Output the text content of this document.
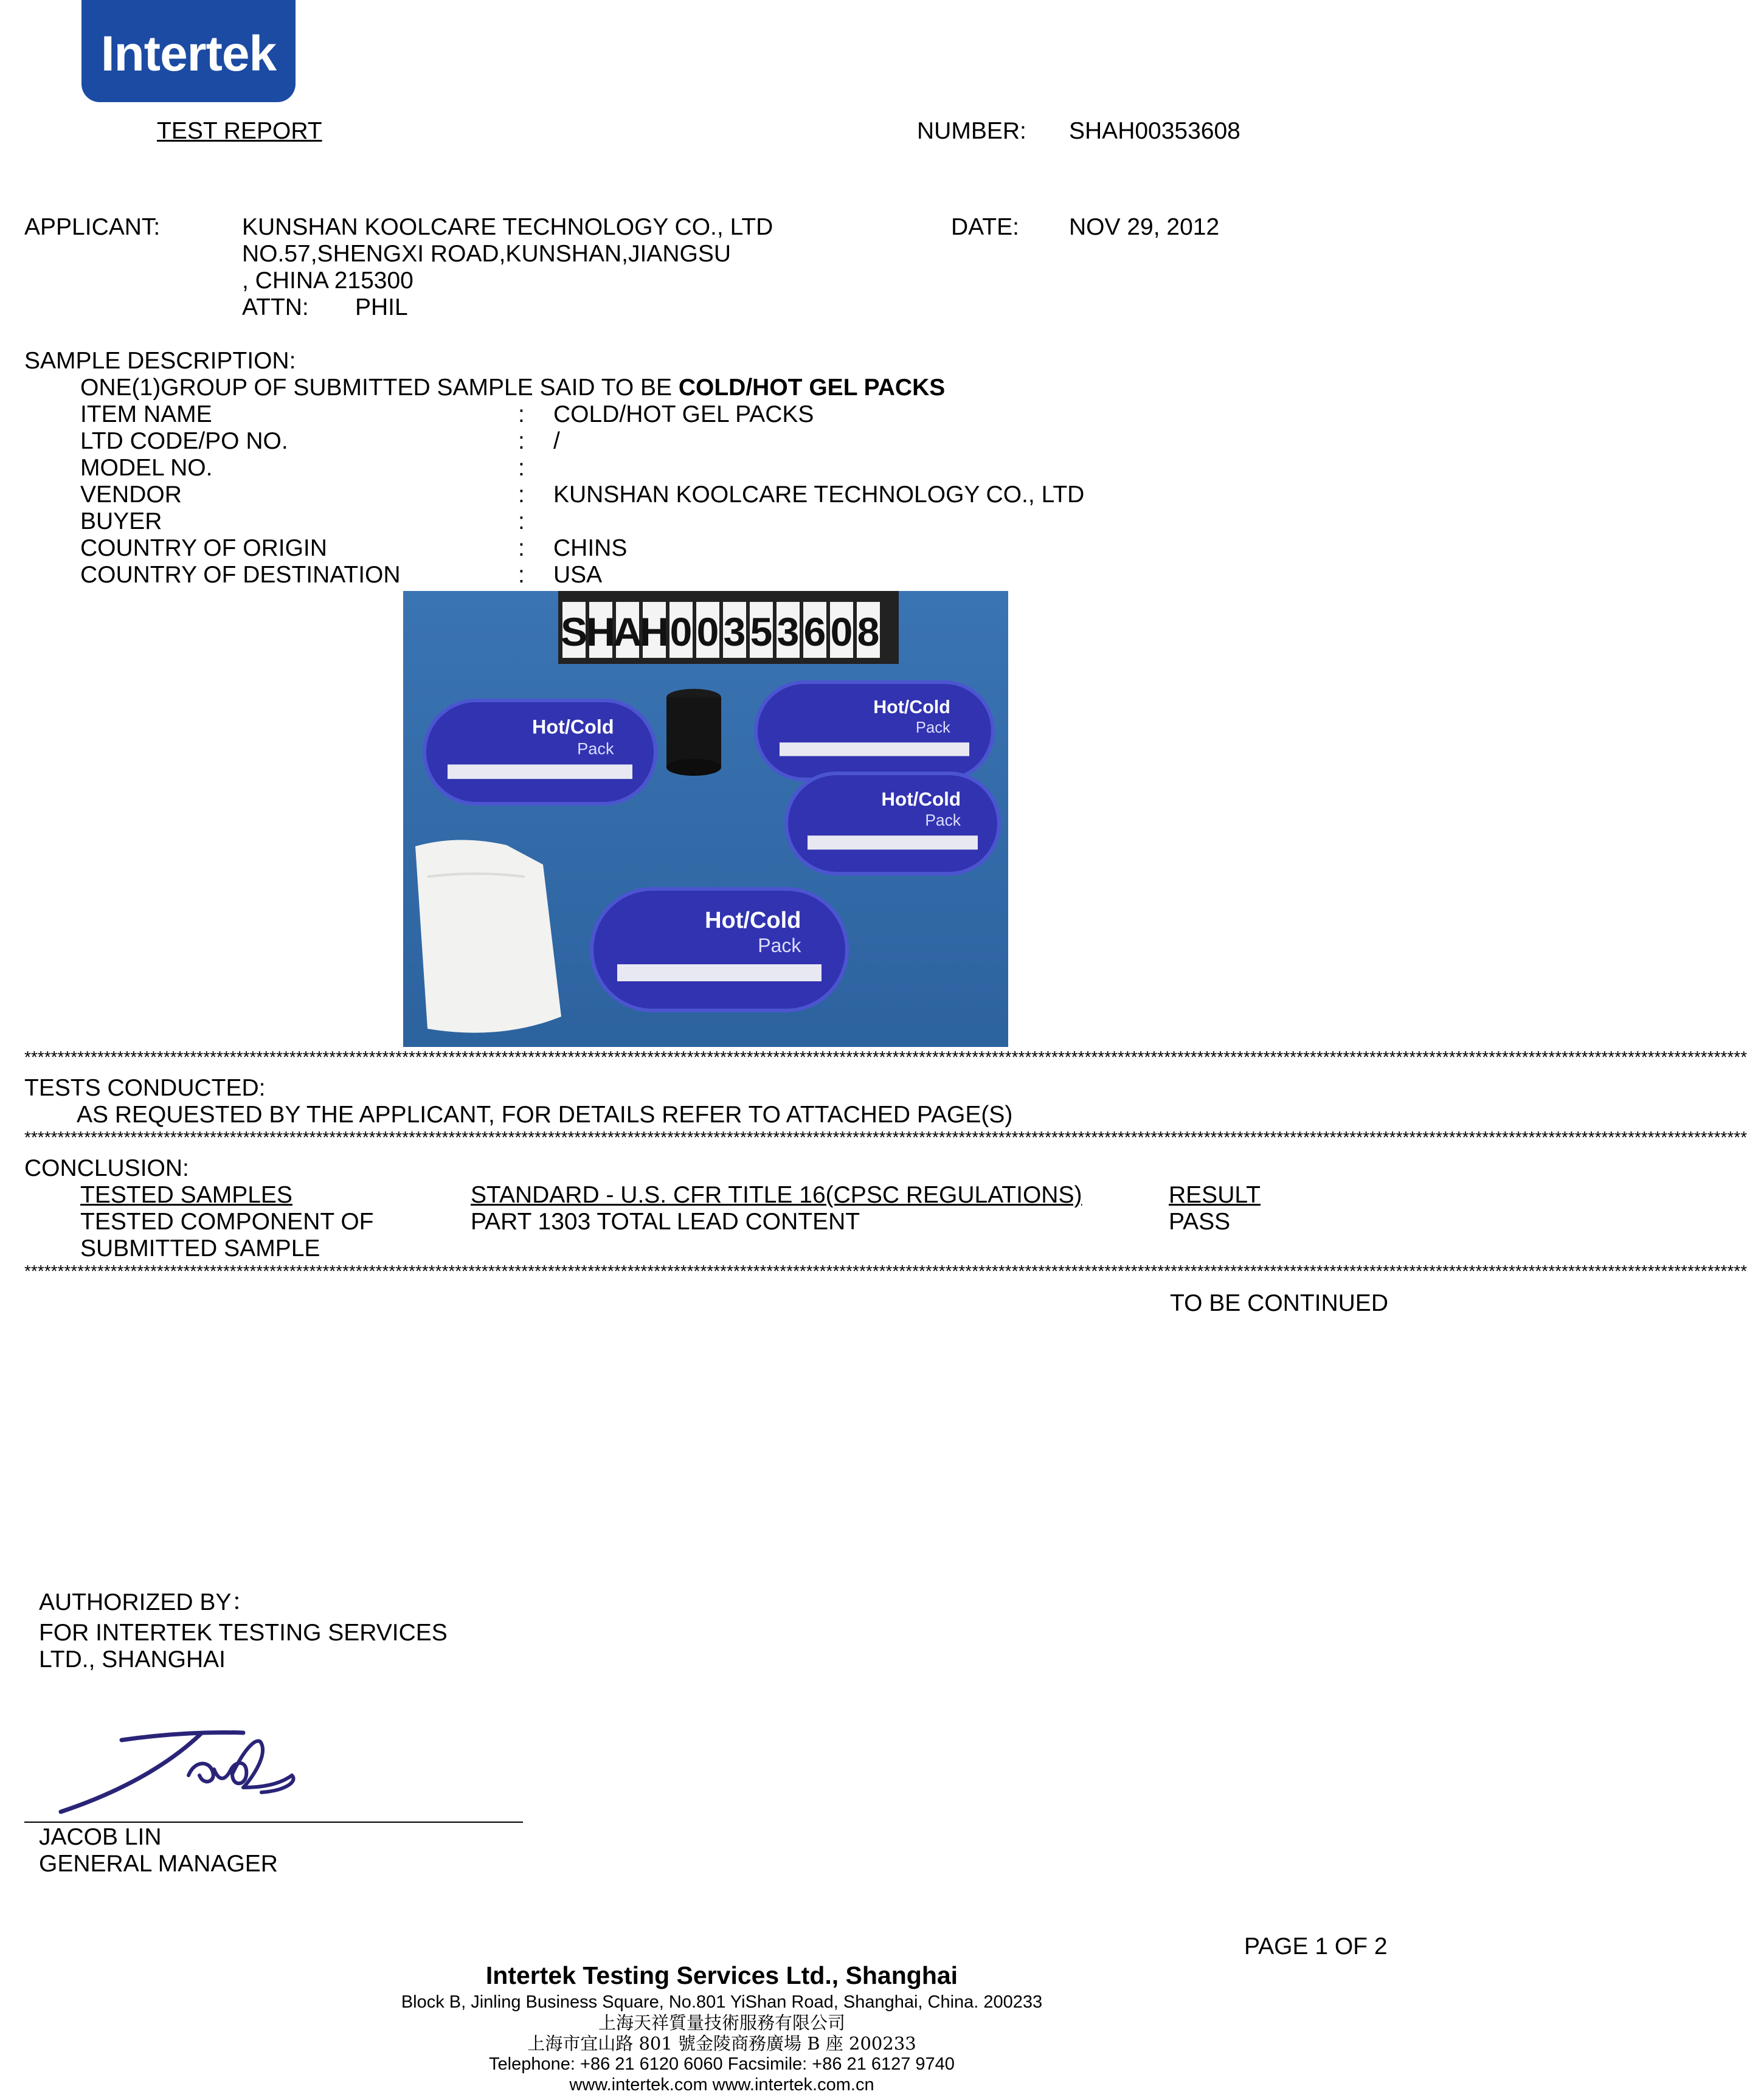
Intertek
TEST REPORT	NUMBER: SHAH00353608
APPLICANT:	KUNSHAN KOOLCARE TECHNOLOGY CO., LTD
NO.57,SHENGXI ROAD,KUNSHAN,JIANGSU
, CHINA 215300
ATTN: PHIL
DATE: NOV 29, 2012
SAMPLE DESCRIPTION:
ONE(1)GROUP OF SUBMITTED SAMPLE SAID TO BE COLD/HOT GEL PACKS
ITEM NAME	: COLD/HOT GEL PACKS
LTD CODE/PO NO.	: /
MODEL NO.	:
VENDOR	: KUNSHAN KOOLCARE TECHNOLOGY CO., LTD
BUYER	:
COUNTRY OF ORIGIN	: CHINS
COUNTRY OF DESTINATION	: USA
S
H
A
H 0 0 3 5 3 6 0 8
Hot/Cold
Pack
Hot/Cold
Pack
Hot/Cold
Pack
Hot/Cold
Pack
********************************************************************************************************************************************************************************************************************************************************************
TESTS CONDUCTED:
AS REQUESTED BY THE APPLICANT, FOR DETAILS REFER TO ATTACHED PAGE(S)
********************************************************************************************************************************************************************************************************************************************************************
CONCLUSION:
TESTED SAMPLES	STANDARD - U.S. CFR TITLE 16(CPSC REGULATIONS)	RESULT
TESTED COMPONENT OF
SUBMITTED SAMPLE
PART 1303 TOTAL LEAD CONTENT	PASS
********************************************************************************************************************************************************************************************************************************************************************
TO BE CONTINUED
AUTHORIZED BY：
FOR INTERTEK TESTING SERVICES
LTD., SHANGHAI
JACOB LIN
GENERAL MANAGER
PAGE 1 OF 2
Intertek Testing Services Ltd., Shanghai
Block B, Jinling Business Square, No.801 YiShan Road, Shanghai, China. 200233
上海天祥質量技術服務有限公司
上海市宜山路 801 號金陵商務廣場 B 座 200233
Telephone: +86 21 6120 6060 Facsimile: +86 21 6127 9740
www.intertek.com www.intertek.com.cn
